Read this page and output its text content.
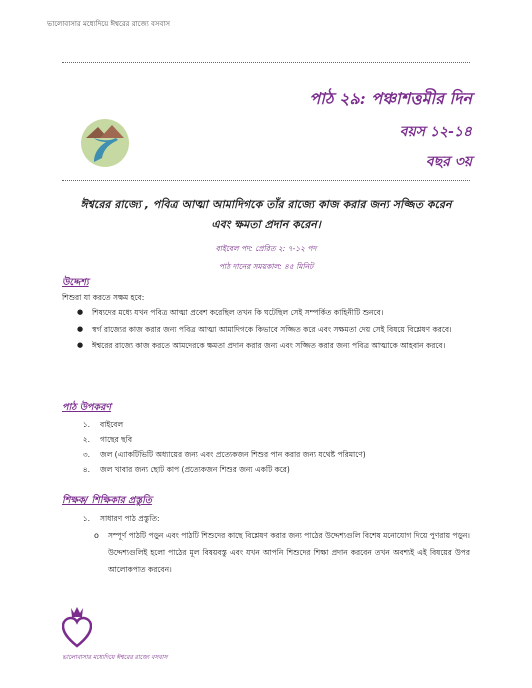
ভালোবাসার মধ্যেদিয়ে ঈশ্বরের রাজ্যে বসবাস
পাঠ ২৯: পঞ্চাশত্তমীর দিন
বয়স ১২-১৪
বছর ৩য়
ঈশ্বরের রাজ্যে , পবিত্র আত্মা আমাদিগকে তাঁর রাজ্যে কাজ করার জন্য সজ্জিত করেন এবং ক্ষমতা প্রদান করেন।
বাইবেল পদ: প্রেরিত ২: ৭-১২ পদ
পাঠ দানের সময়কাল: ৪৫ মিনিট
উদ্দেশ্য
শিশুরা যা করতে সক্ষম হবে:
● শিষ্যদের মধ্যে যখন পবিত্র আত্মা প্রবেশ করেছিল তখন কি ঘটেছিল সেই সম্পর্কিত কাহিনীটি শুনবে।
● স্বর্গ রাজ্যের কাজ করার জন্য পবিত্র আত্মা আমাদিগকে কিভাবে সজ্জিত করে এবং সক্ষমতা দেয় সেই বিষয়ে বিশ্লেষণ করবে।
● ঈশ্বরের রাজ্যে কাজ করতে আমদেরকে ক্ষমতা প্রদান করার জন্য এবং সজ্জিত করার জন্য পবিত্র আত্মাকে আহবান করবে।
পাঠ উপকরণ
১.	বাইবেল
২.	গাছের ছবি
৩.	জল (এ্যাকটিভিটি অধ্যায়ের জন্য এবং প্রত্যেকজন শিশুর পান করার জন্য যথেষ্ট পরিমাণে)
৪.	জল খাবার জন্য ছোট কাপ (প্রত্যেকজন শিশুর জন্য একটি করে)
শিক্ষক/ শিক্ষিকার প্রস্তুতি
১.	সাধারণ পাঠ প্রস্তুতি:
o সম্পূর্ণ পাঠটি পড়ুন এবং পাঠটি শিশুদের কাছে বিশ্লেষণ করার জন্য পাঠের উদ্দেশ্যগুলি বিশেষ মনোযোগ দিয়ে পুণরায় পড়ুন। উদ্দেশ্যগুলিই হলো পাঠের মূল বিষয়বস্তু এবং যখন আপনি শিশুদের শিক্ষা প্রদান করবেন তখন অবশ্যই এই বিষয়ের উপর আলোকপাত করবেন।
ভালোবাসার মধ্যেদিয়ে ঈশ্বরের রাজ্যে বসবাস
